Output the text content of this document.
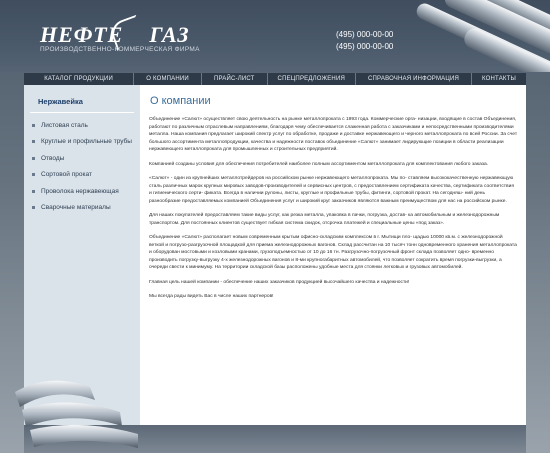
НЕФТЕ ГАЗ
ПРОИЗВОДСТВЕННО-КОММЕРЧЕСКАЯ ФИРМА
(495) 000-00-00
(495) 000-00-00
КАТАЛОГ ПРОДУКЦИИ	О КОМПАНИИ	ПРАЙС-ЛИСТ	СПЕЦПРЕДЛОЖЕНИЯ	СПРАВОЧНАЯ ИНФОРМАЦИЯ	КОНТАКТЫ
Нержавейка
Листовая сталь
Круглые и профильные трубы
Отводы
Сортовой прокат
Проволока нержавеющая
Сварочные материалы
О компании

Объединение «Салют» осуществляет свою деятельность на рынке металлопроката с 1993 года. Коммерческие орга- низации, входящие в состав Объединения, работают по различным отраслевым направлениям, благодаря чему обеспечивается слаженная работа с заказчиками и непосредственными производителями металла. Наша компания предлагает широкий спектр услуг по обработке, продаже и доставке нержавеющего и черного металлопроката по всей России. За счет большого ассортимента металлопродукции, качества и надежности поставок объединение «Салют» занимает лидирующие позиции в области реализации нержавеющего металлопроката для промышленных и строительных предприятий.

Компанией созданы условия для обеспечения потребителей наиболее полным ассортиментом металлопроката для комплектования любого заказа.

«Салют» - один из крупнейших металлотрейдеров на российском рынке нержавеющего металлопроката. Мы по- ставляем высококачественную нержавеющую сталь различных марок крупных мировых заводов-производителей и сервисных центров, с предоставлением сертификата качества, сертификата соответствия и гигиенического серти- фиката. Всегда в наличии рулоны, листы, круглые и профильные трубы, фитинги, сортовой прокат. На сегодняш- ний день разнообразие предоставляемых компанией Объединения услуг и широкий круг заказчиков являются важным преимуществом для нас на российском рынке.

Для наших покупателей предоставляем такие виды услуг, как резка металла, упаковка в пачки, погрузка, достав- ка автомобильным и железнодорожным транспортом. Для постоянных клиентов существует гибкая система скидок, отсрочка платежей и специальные цены «под заказ».

Объединение «Салют» располагает новым современным крытым офисно-складским комплексом в г. Мытищи пло- щадью 10000 кв.м. с железнодорожной веткой и погрузо-разгрузочной площадкой для приема железнодорожных вагонов. Склад рассчитан на 10 тысяч тонн одновременного хранения металлопроката и оборудован мостовыми и козловыми кранами, грузоподъемностью от 10 до 16 тн. Разгрузочно-погрузочный фронт склада позволяет одно- временно производить погрузку-выгрузку 4-х железнодорожных вагонов и 8-ми крупногабаритных автомобилей, что позволяет сократить время погрузки-выгрузки, а очереди свести к минимуму. На территории складской базы расположены удобные места для стоянки легковых и грузовых автомобилей.

Главная цель нашей компании - обеспечение наших заказчиков продукцией высочайшего качества и надежности!

Мы всегда рады видеть Вас в числе наших партнеров!
